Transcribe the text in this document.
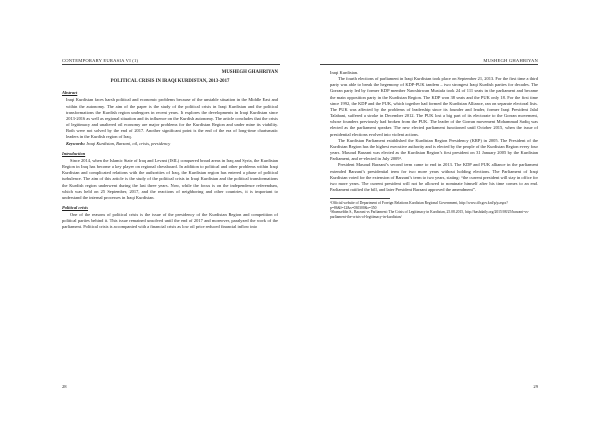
CONTEMPORARY EURASIA VI (1)
MUSHEGH GHAHRIYAN
POLITICAL CRISIS IN IRAQI KURDISTAN, 2013-2017
Abstract

Iraqi Kurdistan faces harsh political and economic problems because of the unstable situation in the Middle East and within the autonomy. The aim of the paper is the study of the political crisis in Iraqi Kurdistan and the political transformations the Kurdish region undergoes in recent years. It explores the developments in Iraqi Kurdistan since 2013-2016 as well as regional situation and its influence on the Kurdish autonomy. The article concludes that the crisis of legitimacy and unaltered oil economy are major problems for the Kurdistan Region and under mine its viability. Both were not solved by the end of 2017. Another significant point is the end of the era of long-time charismatic leaders in the Kurdish region of Iraq.

Keywords: Iraqi Kurdistan, Barzani, oil, crisis, presidency

Introduction

Since 2014, when the Islamic State of Iraq and Levant (ISIL) conquered broad areas in Iraq and Syria, the Kurdistan Region in Iraq has become a key player on regional chessboard. In addition to political and other problems within Iraqi Kurdistan and complicated relations with the authorities of Iraq, the Kurdistan region has entered a phase of political turbulence. The aim of this article is the study of the political crisis in Iraqi Kurdistan and the political transformations the Kurdish region underwent during the last three years. Now, while the focus is on the independence referendum, which was held on 25 September, 2017, and the reactions of neighboring and other countries, it is important to understand the internal processes in Iraqi Kurdistan.

Political crisis

One of the reasons of political crisis is the issue of the presidency of the Kurdistan Region and competition of political parties behind it. This issue remained unsolved until the end of 2017 and moreover, paralyzed the work of the parliament. Political crisis is accompanied with a financial crisis as low oil price reduced financial inflow into

28
MUSHEGH GHAHRIYAN

Iraqi Kurdistan.

The fourth elections of parliament in Iraqi Kurdistan took place on September 21, 2013. For the first time a third party was able to break the hegemony of KDP-PUK tandem – two strongest Iraqi Kurdish parties for decades. The Gorran party led by former KDP member Nawshirwan Mustafa took 24 of 111 seats in the parliament and became the main opposition party in the Kurdistan Region. The KDP won 38 seats and the PUK only 18. For the first time since 1992, the KDP and the PUK, which together had formed the Kurdistan Alliance, ran on separate electoral lists. The PUK was affected by the problems of leadership since its founder and leader, former Iraqi President Jalal Talabani, suffered a stroke in December 2012. The PUK lost a big part of its electorate to the Gorran movement, whose founders previously had broken from the PUK. The leader of the Gorran movement Mohammad Sadiq was elected as the parliament speaker. The new elected parliament functioned until October 2015, when the issue of presidential elections evolved into violent actions.

The Kurdistan Parliament established the Kurdistan Region Presidency (KRP) in 2005. The President of the Kurdistan Region has the highest executive authority and is elected by the people of the Kurdistan Region every four years. Masoud Barzani was elected as the Kurdistan Region’s first president on 31 January 2005 by the Kurdistan Parliament, and re-elected in July 2009¹.

President Masoud Barzani’s second term came to end in 2013. The KDP and PUK alliance in the parliament extended Barzani’s presidential term for two more years without holding elections. The Parliament of Iraqi Kurdistan voted for the extension of Barzani’s term to two years, stating: “the current president will stay in office for two more years. The current president will not be allowed to nominate himself after his time comes to an end. Parliament ratified the bill, and later President Barzani approved the amendment”.

¹Official website of Department of Foreign Relations Kurdistan Regional Government, http://www.dfr.gov.krd/p/p.aspx?p=86&l=12&s=030300&r=350
²Shamseldin S., Barzani vs Parliament: The Crisis of Legitimacy in Kurdistan, 25.08.2015, http://bashdaily.org/2015/08/25/barzani-vs-parliament-the-crisis-of-legitimacy-in-kurdistan/
29
